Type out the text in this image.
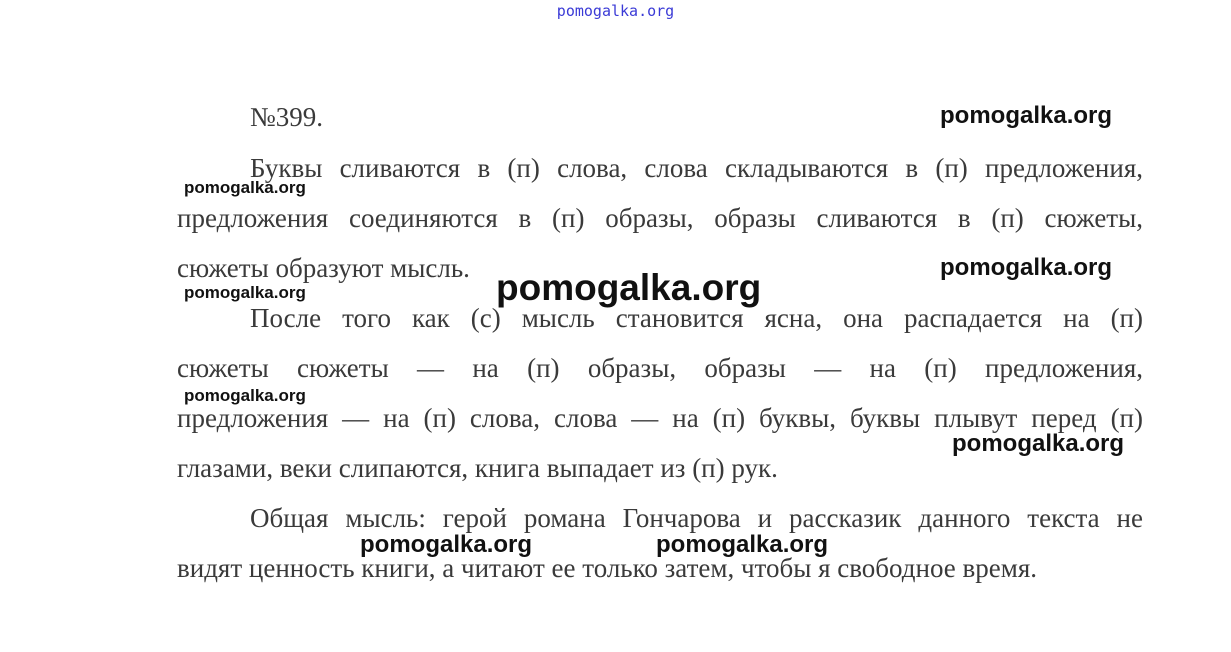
pomogalka.org
№399.
Буквы сливаются в (п) слова, слова складываются в (п) предложения,
предложения соединяются в (п) образы, образы сливаются в (п) сюжеты,
сюжеты образуют мысль.
После того как (с) мысль становится ясна, она распадается на (п)
сюжеты сюжеты — на (п) образы, образы — на (п) предложения,
предложения — на (п) слова, слова — на (п) буквы, буквы плывут перед (п)
глазами, веки слипаются, книга выпадает из (п) рук.
Общая мысль: герой романа Гончарова и рассказик данного текста не
видят ценность книги, а читают ее только затем, чтобы я свободное время.
pomogalka.org
pomogalka.org
pomogalka.org
pomogalka.org	pomogalka.org
pomogalka.org
pomogalka.org
pomogalka.org	pomogalka.org
